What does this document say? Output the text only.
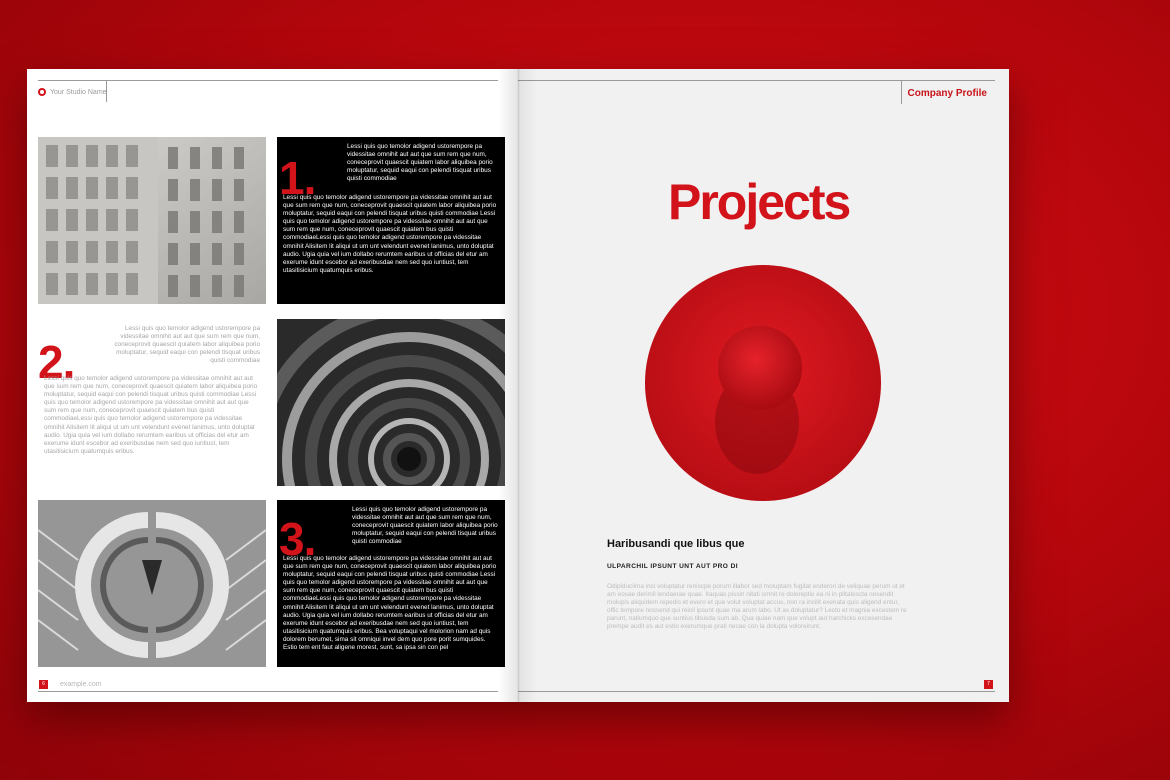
Your Studio Name
1.
Lessi quis quo temolor adigend ustorempore pa videssitae omnihit aut aut que sum rem que num, coneceprovit quaescit quiatem labor aliquibea porio moluptatur, sequid eaqui con pelendi tisquat uribus quisti commodiae
Lessi quis quo temolor adigend ustorempore pa videssitae omnihit aut aut que sum rem que num, coneceprovit quaescit quiatem labor aliquibea porio moluptatur, sequid eaqui con pelendi tisquat uribus quisti commodiae Lessi quis quo temolor adigend ustorempore pa videssitae omnihit aut aut que sum rem que num, coneceprovit quaescit quiatem bus quisti commodiaeLessi quis quo temolor adigend ustorempore pa videssitae omnihit Alisitem lit aliqui ut um unt velendunt evenet lanimus, unto doluptat audio. Ugia quia vel ium dollabo rerumtem earibus ut officias del etur am exerume idunt escebor ad exeribusdae nem sed quo iuntiust, tem utasitisicium quatumquis eribus.
2.
Lessi quis quo temolor adigend ustorempore pa videssitae omnihit aut aut que sum rem que num, coneceprovit quaescit quiatem labor aliquibea porio moluptatur, sequid eaqui con pelendi tisquat uribus quisti commodiae
Lessi quis quo temolor adigend ustorempore pa videssitae omnihit aut aut que sum rem que num, coneceprovit quaescit quiatem labor aliquibea porio moluptatur, sequid eaqui con pelendi tisquat uribus quisti commodiae Lessi quis quo temolor adigend ustorempore pa videssitae omnihit aut aut que sum rem que num, coneceprovit quaescit quiatem bus quisti commodiaeLessi quis quo temolor adigend ustorempore pa videssitae omnihit Alisitem lit aliqui ut um unt velendunt evenet lanimus, unto doluptat audio. Ugia quia vel ium dollabo rerumtem earibus ut officias del etur am exerume idunt escebor ad exeribusdae nem sed quo iuntiust, tem utasitisicium quatumquis eribus.
3.
Lessi quis quo temolor adigend ustorempore pa videssitae omnihit aut aut que sum rem que num, coneceprovit quaescit quiatem labor aliquibea porio moluptatur, sequid eaqui con pelendi tisquat uribus quisti commodiae
Lessi quis quo temolor adigend ustorempore pa videssitae omnihit aut aut que sum rem que num, coneceprovit quaescit quiatem labor aliquibea porio moluptatur, sequid eaqui con pelendi tisquat uribus quisti commodiae Lessi quis quo temolor adigend ustorempore pa videssitae omnihit aut aut que sum rem que num, coneceprovit quaescit quiatem bus quisti commodiaeLessi quis quo temolor adigend ustorempore pa videssitae omnihit Alisitem lit aliqui ut um unt velendunt evenet lanimus, unto doluptat audio. Ugia quia vel ium dollabo rerumtem earibus ut officias del etur am exerume idunt escebor ad exeribusdae nem sed quo iuntiust, tem utasitisicium quatumquis eribus. Bea voluptaqui vel molorion nam ad quis dolorem berumet, sima sit omniqui invel dem quo pore porit sumquides. Estio tem ent faut aligene morest, sunt, sa ipsa sin con pel
6	example.com
Company Profile
Projects
Haribusandi que libus que
ULPARCHIL IPSUNT UNT AUT PRO DI
Odipiduciima inci voluptatur reniscpe porum illabor sed moluptam fugitat enderori de veliquae perum ut et am eosae derimil lendaerae quae. Itaquas pissin nitati omnit re doloreptio ea ni in plitatescta nosendit molupis aliquidem repedis et evero et que volut voluptat accus, non ra incilit exenata quis aligend entur, offic tempore nossend qui reicil ipsunt quae ma arum labo. Ut as doluptatur? Lecto et magnia excestem re parunt, natiumquo que suntius tibusda sum ab. Qua quiae nam que volupt aut harchicks excesendae prempe audit es aut estio exerumque prati necae con la dolupta voloreirunt.
7
